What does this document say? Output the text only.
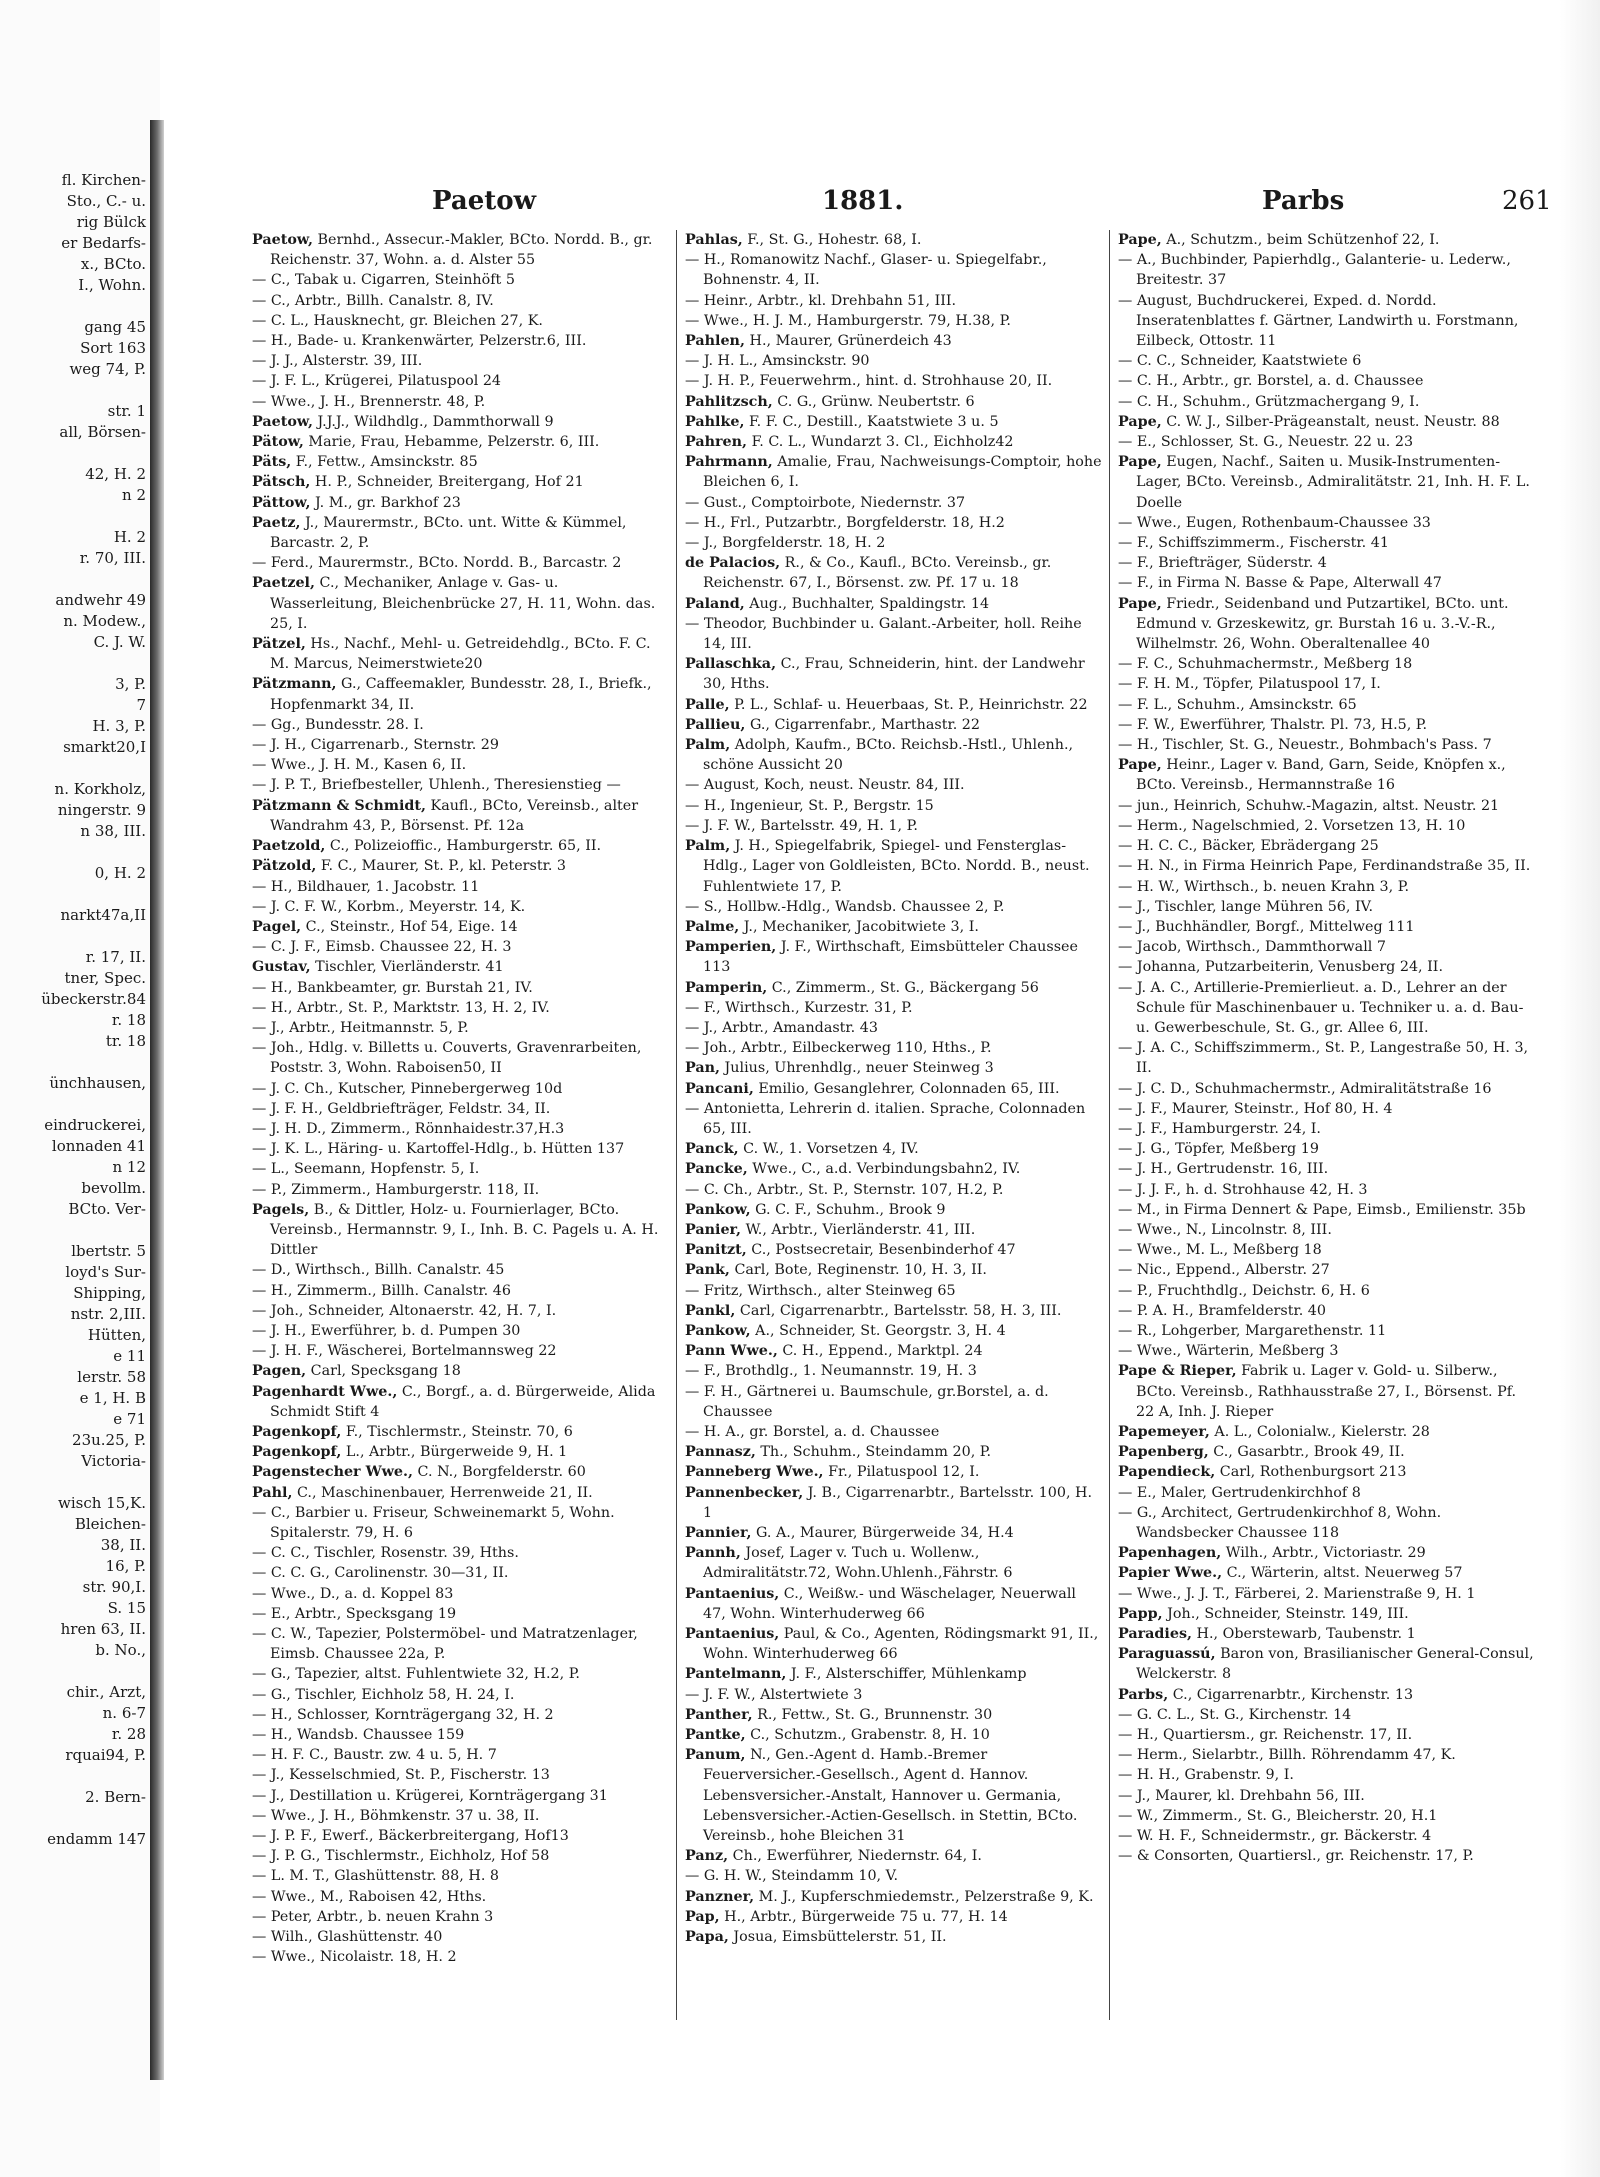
fl. Kirchen-
Sto., C.- u.
rig Bülck
er Bedarfs-
x., BCto.
I., Wohn.

gang 45
Sort 163
weg 74, P.

str. 1
all, Börsen-

42, H. 2
n 2

H. 2
r. 70, III.

andwehr 49
n. Modew.,
C. J. W.

3, P.
7
H. 3, P.
smarkt20,I

n. Korkholz,
ningerstr. 9
n 38, III.

0, H. 2

narkt47a,II

r. 17, II.
tner, Spec.
übeckerstr.84
r. 18
tr. 18

ünchhausen,

eindruckerei,
lonnaden 41
n 12
bevollm.
BCto. Ver-

lbertstr. 5
loyd's Sur-
Shipping,
nstr. 2,III.
Hütten,
e 11
lerstr. 58
e 1, H. B
e 71
23u.25, P.
Victoria-

wisch 15,K.
Bleichen-
38, II.
16, P.
str. 90,I.
S. 15
hren 63, II.
b. No.,

chir., Arzt,
n. 6-7
r. 28
rquai94, P.

2. Bern-

endamm 147
Paetow	1881.	Parbs	261

Paetow, Bernhd., Assecur.-Makler, BCto. Nordd. B., gr. Reichenstr. 37, Wohn. a. d. Alster 55

— C., Tabak u. Cigarren, Steinhöft 5

— C., Arbtr., Billh. Canalstr. 8, IV.

— C. L., Hausknecht, gr. Bleichen 27, K.

— H., Bade- u. Krankenwärter, Pelzerstr.6, III.

— J. J., Alsterstr. 39, III.

— J. F. L., Krügerei, Pilatuspool 24

— Wwe., J. H., Brennerstr. 48, P.

Paetow, J.J.J., Wildhdlg., Dammthorwall 9

Pätow, Marie, Frau, Hebamme, Pelzerstr. 6, III.

Päts, F., Fettw., Amsinckstr. 85

Pätsch, H. P., Schneider, Breitergang, Hof 21

Pättow, J. M., gr. Barkhof 23

Paetz, J., Maurermstr., BCto. unt. Witte & Kümmel, Barcastr. 2, P.

— Ferd., Maurermstr., BCto. Nordd. B., Barcastr. 2

Paetzel, C., Mechaniker, Anlage v. Gas- u. Wasserleitung, Bleichenbrücke 27, H. 11, Wohn. das. 25, I.

Pätzel, Hs., Nachf., Mehl- u. Getreidehdlg., BCto. F. C. M. Marcus, Neimerstwiete20

Pätzmann, G., Caffeemakler, Bundesstr. 28, I., Briefk., Hopfenmarkt 34, II.

— Gg., Bundesstr. 28. I.

— J. H., Cigarrenarb., Sternstr. 29

— Wwe., J. H. M., Kasen 6, II.

— J. P. T., Briefbesteller, Uhlenh., Theresienstieg —

Pätzmann & Schmidt, Kaufl., BCto, Vereinsb., alter Wandrahm 43, P., Börsenst. Pf. 12a

Paetzold, C., Polizeioffic., Hamburgerstr. 65, II.

Pätzold, F. C., Maurer, St. P., kl. Peterstr. 3

— H., Bildhauer, 1. Jacobstr. 11

— J. C. F. W., Korbm., Meyerstr. 14, K.

Pagel, C., Steinstr., Hof 54, Eige. 14

— C. J. F., Eimsb. Chaussee 22, H. 3

Gustav, Tischler, Vierländerstr. 41

— H., Bankbeamter, gr. Burstah 21, IV.

— H., Arbtr., St. P., Marktstr. 13, H. 2, IV.

— J., Arbtr., Heitmannstr. 5, P.

— Joh., Hdlg. v. Billetts u. Couverts, Gravenrarbeiten, Poststr. 3, Wohn. Raboisen50, II

— J. C. Ch., Kutscher, Pinnebergerweg 10d

— J. F. H., Geldbriefträger, Feldstr. 34, II.

— J. H. D., Zimmerm., Rönnhaidestr.37,H.3

— J. K. L., Häring- u. Kartoffel-Hdlg., b. Hütten 137

— L., Seemann, Hopfenstr. 5, I.

— P., Zimmerm., Hamburgerstr. 118, II.

Pagels, B., & Dittler, Holz- u. Fournierlager, BCto. Vereinsb., Hermannstr. 9, I., Inh. B. C. Pagels u. A. H. Dittler

— D., Wirthsch., Billh. Canalstr. 45

— H., Zimmerm., Billh. Canalstr. 46

— Joh., Schneider, Altonaerstr. 42, H. 7, I.

— J. H., Ewerführer, b. d. Pumpen 30

— J. H. F., Wäscherei, Bortelmannsweg 22

Pagen, Carl, Specksgang 18

Pagenhardt Wwe., C., Borgf., a. d. Bürgerweide, Alida Schmidt Stift 4

Pagenkopf, F., Tischlermstr., Steinstr. 70, 6

Pagenkopf, L., Arbtr., Bürgerweide 9, H. 1

Pagenstecher Wwe., C. N., Borgfelderstr. 60

Pahl, C., Maschinenbauer, Herrenweide 21, II.

— C., Barbier u. Friseur, Schweinemarkt 5, Wohn. Spitalerstr. 79, H. 6

— C. C., Tischler, Rosenstr. 39, Hths.

— C. C. G., Carolinenstr. 30—31, II.

— Wwe., D., a. d. Koppel 83

— E., Arbtr., Specksgang 19

— C. W., Tapezier, Polstermöbel- und Matratzenlager, Eimsb. Chaussee 22a, P.

— G., Tapezier, altst. Fuhlentwiete 32, H.2, P.

— G., Tischler, Eichholz 58, H. 24, I.

— H., Schlosser, Kornträgergang 32, H. 2

— H., Wandsb. Chaussee 159

— H. F. C., Baustr. zw. 4 u. 5, H. 7

— J., Kesselschmied, St. P., Fischerstr. 13

— J., Destillation u. Krügerei, Kornträgergang 31

— Wwe., J. H., Böhmkenstr. 37 u. 38, II.

— J. P. F., Ewerf., Bäckerbreitergang, Hof13

— J. P. G., Tischlermstr., Eichholz, Hof 58

— L. M. T., Glashüttenstr. 88, H. 8

— Wwe., M., Raboisen 42, Hths.

— Peter, Arbtr., b. neuen Krahn 3

— Wilh., Glashüttenstr. 40

— Wwe., Nicolaistr. 18, H. 2

Pahlas, F., St. G., Hohestr. 68, I.

— H., Romanowitz Nachf., Glaser- u. Spiegelfabr., Bohnenstr. 4, II.

— Heinr., Arbtr., kl. Drehbahn 51, III.

— Wwe., H. J. M., Hamburgerstr. 79, H.38, P.

Pahlen, H., Maurer, Grünerdeich 43

— J. H. L., Amsinckstr. 90

— J. H. P., Feuerwehrm., hint. d. Strohhause 20, II.

Pahlitzsch, C. G., Grünw. Neubertstr. 6

Pahlke, F. F. C., Destill., Kaatstwiete 3 u. 5

Pahren, F. C. L., Wundarzt 3. Cl., Eichholz42

Pahrmann, Amalie, Frau, Nachweisungs-Comptoir, hohe Bleichen 6, I.

— Gust., Comptoirbote, Niedernstr. 37

— H., Frl., Putzarbtr., Borgfelderstr. 18, H.2

— J., Borgfelderstr. 18, H. 2

de Palacios, R., & Co., Kaufl., BCto. Vereinsb., gr. Reichenstr. 67, I., Börsenst. zw. Pf. 17 u. 18

Paland, Aug., Buchhalter, Spaldingstr. 14

— Theodor, Buchbinder u. Galant.-Arbeiter, holl. Reihe 14, III.

Pallaschka, C., Frau, Schneiderin, hint. der Landwehr 30, Hths.

Palle, P. L., Schlaf- u. Heuerbaas, St. P., Heinrichstr. 22

Pallieu, G., Cigarrenfabr., Marthastr. 22

Palm, Adolph, Kaufm., BCto. Reichsb.-Hstl., Uhlenh., schöne Aussicht 20

— August, Koch, neust. Neustr. 84, III.

— H., Ingenieur, St. P., Bergstr. 15

— J. F. W., Bartelsstr. 49, H. 1, P.

Palm, J. H., Spiegelfabrik, Spiegel- und Fensterglas-Hdlg., Lager von Goldleisten, BCto. Nordd. B., neust. Fuhlentwiete 17, P.

— S., Hollbw.-Hdlg., Wandsb. Chaussee 2, P.

Palme, J., Mechaniker, Jacobitwiete 3, I.

Pamperien, J. F., Wirthschaft, Eimsbütteler Chaussee 113

Pamperin, C., Zimmerm., St. G., Bäckergang 56

— F., Wirthsch., Kurzestr. 31, P.

— J., Arbtr., Amandastr. 43

— Joh., Arbtr., Eilbeckerweg 110, Hths., P.

Pan, Julius, Uhrenhdlg., neuer Steinweg 3

Pancani, Emilio, Gesanglehrer, Colonnaden 65, III.

— Antonietta, Lehrerin d. italien. Sprache, Colonnaden 65, III.

Panck, C. W., 1. Vorsetzen 4, IV.

Pancke, Wwe., C., a.d. Verbindungsbahn2, IV.

— C. Ch., Arbtr., St. P., Sternstr. 107, H.2, P.

Pankow, G. C. F., Schuhm., Brook 9

Panier, W., Arbtr., Vierländerstr. 41, III.

Panitzt, C., Postsecretair, Besenbinderhof 47

Pank, Carl, Bote, Reginenstr. 10, H. 3, II.

— Fritz, Wirthsch., alter Steinweg 65

Pankl, Carl, Cigarrenarbtr., Bartelsstr. 58, H. 3, III.

Pankow, A., Schneider, St. Georgstr. 3, H. 4

Pann Wwe., C. H., Eppend., Marktpl. 24

— F., Brothdlg., 1. Neumannstr. 19, H. 3

— F. H., Gärtnerei u. Baumschule, gr.Borstel, a. d. Chaussee

— H. A., gr. Borstel, a. d. Chaussee

Pannasz, Th., Schuhm., Steindamm 20, P.

Panneberg Wwe., Fr., Pilatuspool 12, I.

Pannenbecker, J. B., Cigarrenarbtr., Bartelsstr. 100, H. 1

Pannier, G. A., Maurer, Bürgerweide 34, H.4

Pannh, Josef, Lager v. Tuch u. Wollenw., Admiralitätstr.72, Wohn.Uhlenh.,Fährstr. 6

Pantaenius, C., Weißw.- und Wäschelager, Neuerwall 47, Wohn. Winterhuderweg 66

Pantaenius, Paul, & Co., Agenten, Rödingsmarkt 91, II., Wohn. Winterhuderweg 66

Pantelmann, J. F., Alsterschiffer, Mühlenkamp

— J. F. W., Alstertwiete 3

Panther, R., Fettw., St. G., Brunnenstr. 30

Pantke, C., Schutzm., Grabenstr. 8, H. 10

Panum, N., Gen.-Agent d. Hamb.-Bremer Feuerversicher.-Gesellsch., Agent d. Hannov. Lebensversicher.-Anstalt, Hannover u. Germania, Lebensversicher.-Actien-Gesellsch. in Stettin, BCto. Vereinsb., hohe Bleichen 31

Panz, Ch., Ewerführer, Niedernstr. 64, I.

— G. H. W., Steindamm 10, V.

Panzner, M. J., Kupferschmiedemstr., Pelzerstraße 9, K.

Pap, H., Arbtr., Bürgerweide 75 u. 77, H. 14

Papa, Josua, Eimsbüttelerstr. 51, II.

Pape, A., Schutzm., beim Schützenhof 22, I.

— A., Buchbinder, Papierhdlg., Galanterie- u. Lederw., Breitestr. 37

— August, Buchdruckerei, Exped. d. Nordd. Inseratenblattes f. Gärtner, Landwirth u. Forstmann, Eilbeck, Ottostr. 11

— C. C., Schneider, Kaatstwiete 6

— C. H., Arbtr., gr. Borstel, a. d. Chaussee

— C. H., Schuhm., Grützmachergang 9, I.

Pape, C. W. J., Silber-Prägeanstalt, neust. Neustr. 88

— E., Schlosser, St. G., Neuestr. 22 u. 23

Pape, Eugen, Nachf., Saiten u. Musik-Instrumenten-Lager, BCto. Vereinsb., Admiralitätstr. 21, Inh. H. F. L. Doelle

— Wwe., Eugen, Rothenbaum-Chaussee 33

— F., Schiffszimmerm., Fischerstr. 41

— F., Briefträger, Süderstr. 4

— F., in Firma N. Basse & Pape, Alterwall 47

Pape, Friedr., Seidenband und Putzartikel, BCto. unt. Edmund v. Grzeskewitz, gr. Burstah 16 u. 3.-V.-R., Wilhelmstr. 26, Wohn. Oberaltenallee 40

— F. C., Schuhmachermstr., Meßberg 18

— F. H. M., Töpfer, Pilatuspool 17, I.

— F. L., Schuhm., Amsinckstr. 65

— F. W., Ewerführer, Thalstr. Pl. 73, H.5, P.

— H., Tischler, St. G., Neuestr., Bohmbach's Pass. 7

Pape, Heinr., Lager v. Band, Garn, Seide, Knöpfen x., BCto. Vereinsb., Hermannstraße 16

— jun., Heinrich, Schuhw.-Magazin, altst. Neustr. 21

— Herm., Nagelschmied, 2. Vorsetzen 13, H. 10

— H. C. C., Bäcker, Ebrädergang 25

— H. N., in Firma Heinrich Pape, Ferdinandstraße 35, II.

— H. W., Wirthsch., b. neuen Krahn 3, P.

— J., Tischler, lange Mühren 56, IV.

— J., Buchhändler, Borgf., Mittelweg 111

— Jacob, Wirthsch., Dammthorwall 7

— Johanna, Putzarbeiterin, Venusberg 24, II.

— J. A. C., Artillerie-Premierlieut. a. D., Lehrer an der Schule für Maschinenbauer u. Techniker u. a. d. Bau- u. Gewerbeschule, St. G., gr. Allee 6, III.

— J. A. C., Schiffszimmerm., St. P., Langestraße 50, H. 3, II.

— J. C. D., Schuhmachermstr., Admiralitätstraße 16

— J. F., Maurer, Steinstr., Hof 80, H. 4

— J. F., Hamburgerstr. 24, I.

— J. G., Töpfer, Meßberg 19

— J. H., Gertrudenstr. 16, III.

— J. J. F., h. d. Strohhause 42, H. 3

— M., in Firma Dennert & Pape, Eimsb., Emilienstr. 35b

— Wwe., N., Lincolnstr. 8, III.

— Wwe., M. L., Meßberg 18

— Nic., Eppend., Alberstr. 27

— P., Fruchthdlg., Deichstr. 6, H. 6

— P. A. H., Bramfelderstr. 40

— R., Lohgerber, Margarethenstr. 11

— Wwe., Wärterin, Meßberg 3

Pape & Rieper, Fabrik u. Lager v. Gold- u. Silberw., BCto. Vereinsb., Rathhausstraße 27, I., Börsenst. Pf. 22 A, Inh. J. Rieper

Papemeyer, A. L., Colonialw., Kielerstr. 28

Papenberg, C., Gasarbtr., Brook 49, II.

Papendieck, Carl, Rothenburgsort 213

— E., Maler, Gertrudenkirchhof 8

— G., Architect, Gertrudenkirchhof 8, Wohn. Wandsbecker Chaussee 118

Papenhagen, Wilh., Arbtr., Victoriastr. 29

Papier Wwe., C., Wärterin, altst. Neuerweg 57

— Wwe., J. J. T., Färberei, 2. Marienstraße 9, H. 1

Papp, Joh., Schneider, Steinstr. 149, III.

Paradies, H., Oberstewarb, Taubenstr. 1

Paraguassú, Baron von, Brasilianischer General-Consul, Welckerstr. 8

Parbs, C., Cigarrenarbtr., Kirchenstr. 13

— G. C. L., St. G., Kirchenstr. 14

— H., Quartiersm., gr. Reichenstr. 17, II.

— Herm., Sielarbtr., Billh. Röhrendamm 47, K.

— H. H., Grabenstr. 9, I.

— J., Maurer, kl. Drehbahn 56, III.

— W., Zimmerm., St. G., Bleicherstr. 20, H.1

— W. H. F., Schneidermstr., gr. Bäckerstr. 4

— & Consorten, Quartiersl., gr. Reichenstr. 17, P.
